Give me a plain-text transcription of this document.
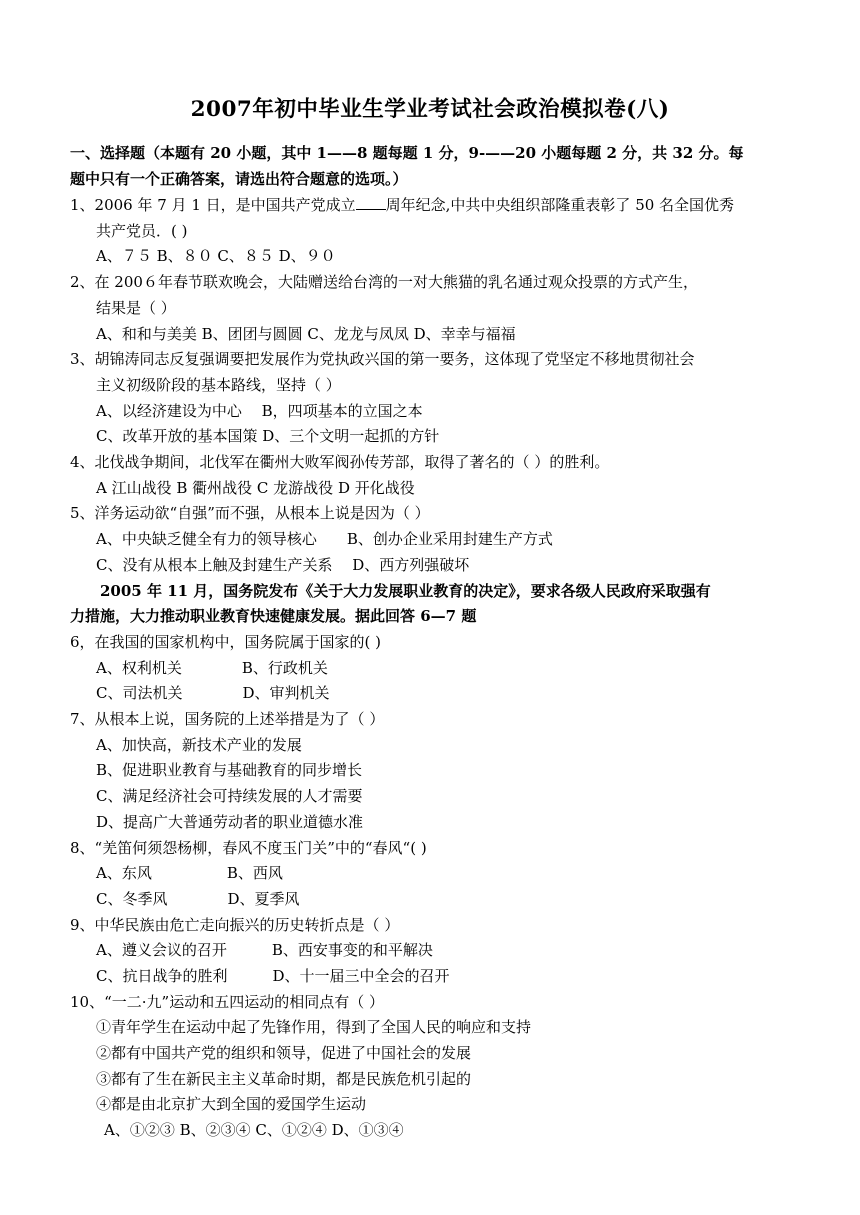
2007年初中毕业生学业考试社会政治模拟卷(八)
一、选择题（本题有 20 小题，其中 1——8 题每题 1 分，9-——20 小题每题 2 分，共 32 分。每
题中只有一个正确答案，请选出符合题意的选项。）
1、2006 年 7 月 1 日，是中国共产党成立 周年纪念,中共中央组织部隆重表彰了 50 名全国优秀
共产党员．( )
A、７５ B、８０ C、８５ D、９０
2、在 200６年春节联欢晚会，大陆赠送给台湾的一对大熊猫的乳名通过观众投票的方式产生，
结果是（ ）
A、和和与美美 B、团团与圆圆 C、龙龙与凤凤 D、幸幸与福福
3、胡锦涛同志反复强调要把发展作为党执政兴国的第一要务，这体现了党坚定不移地贯彻社会
主义初级阶段的基本路线，坚持（ ）
A、以经济建设为中心　 B，四项基本的立国之本
C、改革开放的基本国策 D、三个文明一起抓的方针
4、北伐战争期间，北伐军在衢州大败军阀孙传芳部，取得了著名的（ ）的胜利。
A 江山战役 B 衢州战役 C 龙游战役 D 开化战役
5、洋务运动欲“自强”而不强，从根本上说是因为（ ）
A、中央缺乏健全有力的领导核心　　B、创办企业采用封建生产方式
C、没有从根本上触及封建生产关系　 D、西方列强破坏
2005 年 11 月，国务院发布《关于大力发展职业教育的决定》，要求各级人民政府采取强有
力措施，大力推动职业教育快速健康发展。据此回答 6—7 题
6，在我国的国家机构中，国务院属于国家的( )
A、权利机关　　　　B、行政机关
C、司法机关　　　　D、审判机关
7、从根本上说，国务院的上述举措是为了（ ）
A、加快高，新技术产业的发展
B、促进职业教育与基础教育的同步增长
C、满足经济社会可持续发展的人才需要
D、提高广大普通劳动者的职业道德水准
8、“羌笛何须怨杨柳，春风不度玉门关”中的“春风“( )
A、东风　　　　　B、西风
C、冬季风　　　　D、夏季风
9、中华民族由危亡走向振兴的历史转折点是（ ）
A、遵义会议的召开　　　B、西安事变的和平解决
C、抗日战争的胜利　　　D、十一届三中全会的召开
10、“一二·九”运动和五四运动的相同点有（ ）
①青年学生在运动中起了先锋作用，得到了全国人民的响应和支持
②都有中国共产党的组织和领导，促进了中国社会的发展
③都有了生在新民主主义革命时期，都是民族危机引起的
④都是由北京扩大到全国的爱国学生运动
A、①②③ B、②③④ C、①②④ D、①③④
